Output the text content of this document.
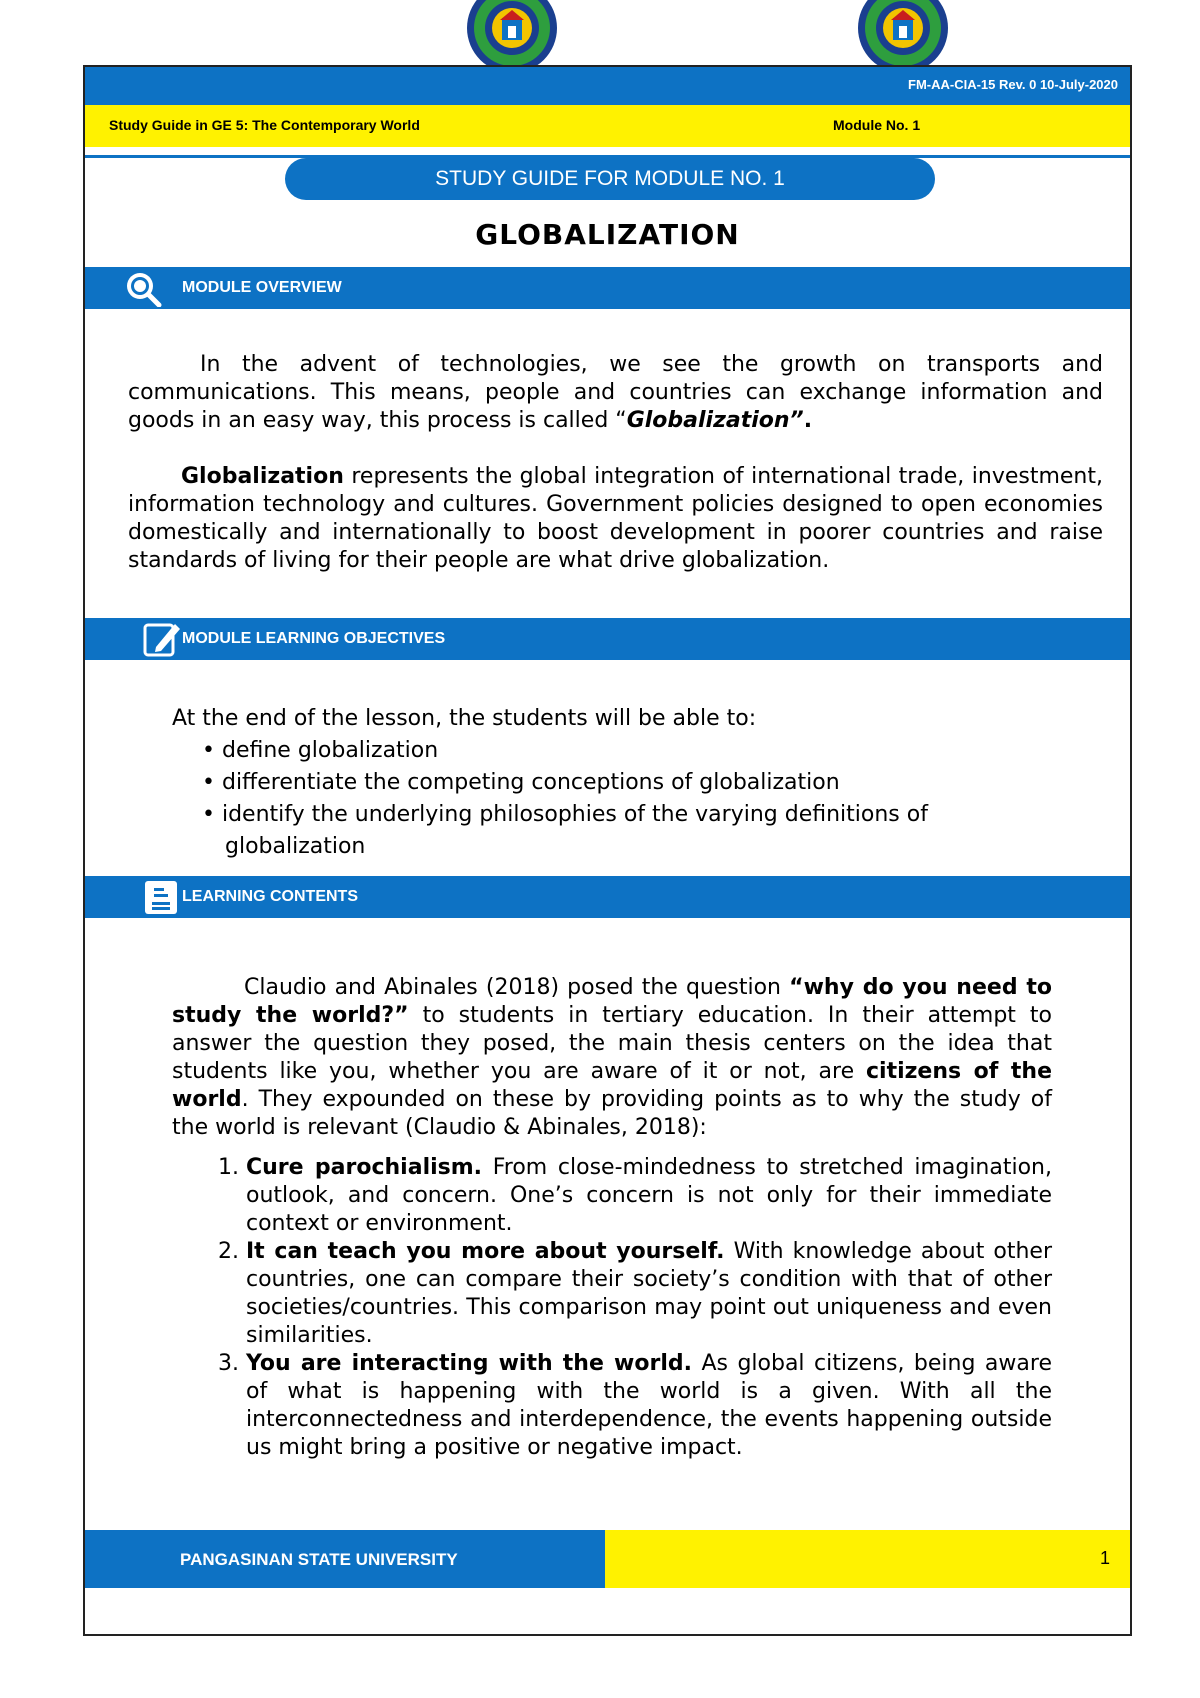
FM-AA-CIA-15 Rev. 0 10-July-2020
Study Guide in GE 5: The Contemporary World	Module No. 1
STUDY GUIDE FOR MODULE NO. 1
GLOBALIZATION
MODULE OVERVIEW

In the advent of technologies, we see the growth on transports and communications. This means, people and countries can exchange information and goods in an easy way, this process is called “Globalization”.

Globalization represents the global integration of international trade, investment, information technology and cultures. Government policies designed to open economies domestically and internationally to boost development in poorer countries and raise standards of living for their people are what drive globalization.

MODULE LEARNING OBJECTIVES
At the end of the lesson, the students will be able to:
• define globalization
• differentiate the competing conceptions of globalization
• identify the underlying philosophies of the varying definitions of globalization
LEARNING CONTENTS

Claudio and Abinales (2018) posed the question “why do you need to study the world?” to students in tertiary education. In their attempt to answer the question they posed, the main thesis centers on the idea that students like you, whether you are aware of it or not, are citizens of the world. They expounded on these by providing points as to why the study of the world is relevant (Claudio & Abinales, 2018):

1. Cure parochialism. From close-mindedness to stretched imagination, outlook, and concern. One’s concern is not only for their immediate context or environment.
2. It can teach you more about yourself. With knowledge about other countries, one can compare their society’s condition with that of other societies/countries. This comparison may point out uniqueness and even similarities.
3. You are interacting with the world. As global citizens, being aware of what is happening with the world is a given. With all the interconnectedness and interdependence, the events happening outside us might bring a positive or negative impact.
PANGASINAN STATE UNIVERSITY	1
